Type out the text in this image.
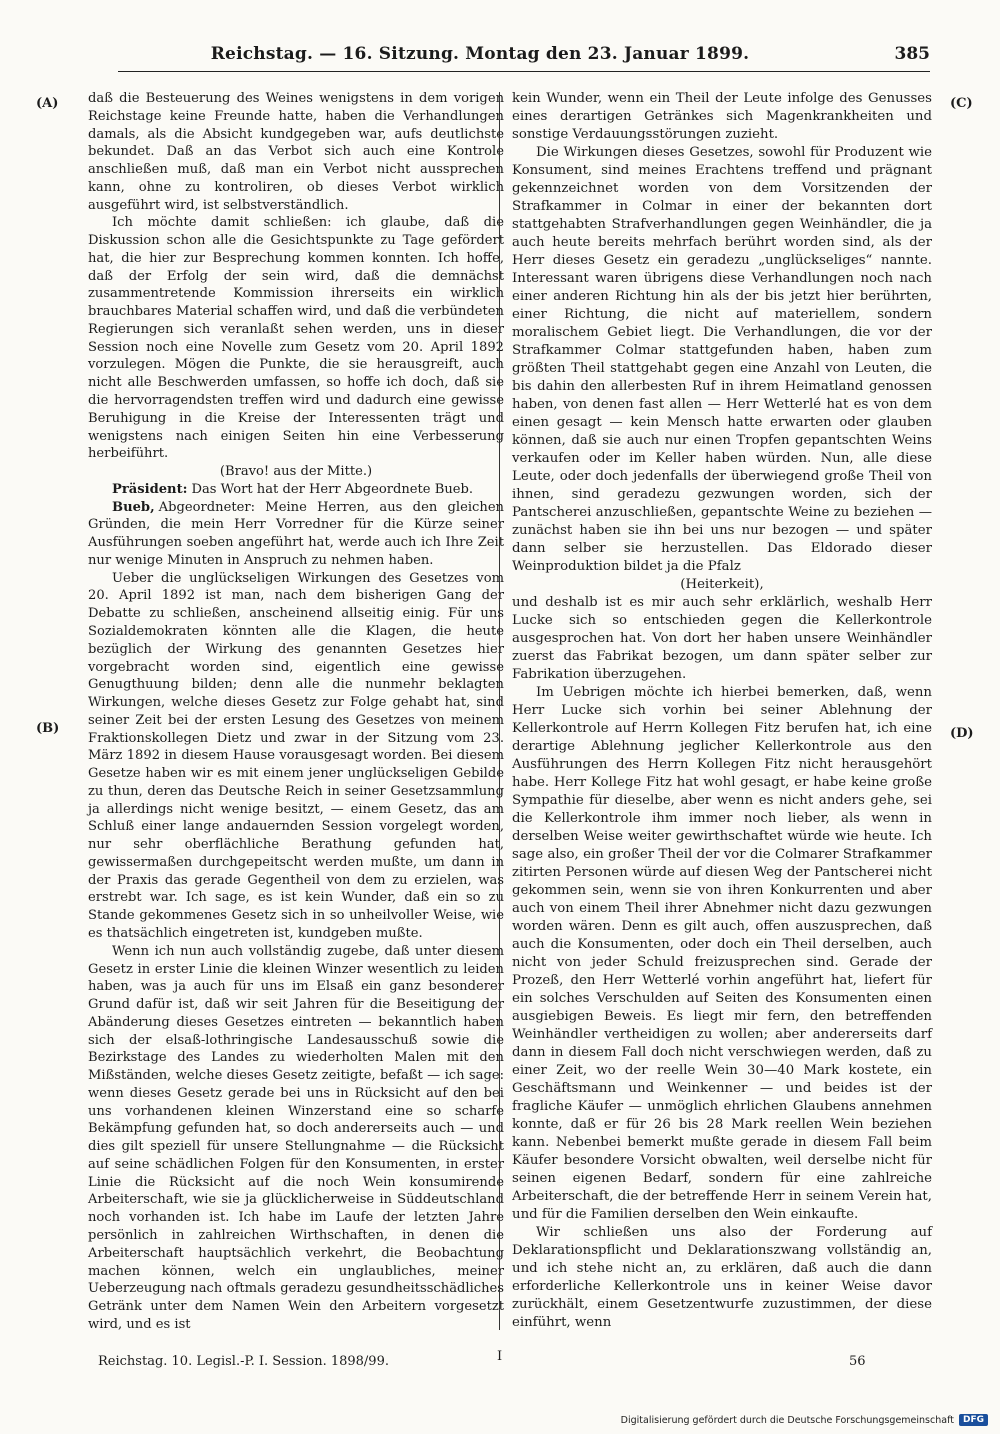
Reichstag. — 16. Sitzung. Montag den 23. Januar 1899.	385
(A)
(B)
(C)
(D)

daß die Besteuerung des Weines wenigstens in dem vorigen Reichstage keine Freunde hatte, haben die Verhandlungen damals, als die Absicht kundgegeben war, aufs deutlichste bekundet. Daß an das Verbot sich auch eine Kontrole anschließen muß, daß man ein Verbot nicht aussprechen kann, ohne zu kontroliren, ob dieses Verbot wirklich ausgeführt wird, ist selbstverständlich.

Ich möchte damit schließen: ich glaube, daß die Diskussion schon alle die Gesichtspunkte zu Tage gefördert hat, die hier zur Besprechung kommen konnten. Ich hoffe, daß der Erfolg der sein wird, daß die demnächst zusammentretende Kommission ihrerseits ein wirklich brauchbares Material schaffen wird, und daß die verbündeten Regierungen sich veranlaßt sehen werden, uns in dieser Session noch eine Novelle zum Gesetz vom 20. April 1892 vorzulegen. Mögen die Punkte, die sie herausgreift, auch nicht alle Beschwerden umfassen, so hoffe ich doch, daß sie die hervorragendsten treffen wird und dadurch eine gewisse Beruhigung in die Kreise der Interessenten trägt und wenigstens nach einigen Seiten hin eine Verbesserung herbeiführt.

(Bravo! aus der Mitte.)

Präsident: Das Wort hat der Herr Abgeordnete Bueb.

Bueb, Abgeordneter: Meine Herren, aus den gleichen Gründen, die mein Herr Vorredner für die Kürze seiner Ausführungen soeben angeführt hat, werde auch ich Ihre Zeit nur wenige Minuten in Anspruch zu nehmen haben.

Ueber die unglückseligen Wirkungen des Gesetzes vom 20. April 1892 ist man, nach dem bisherigen Gang der Debatte zu schließen, anscheinend allseitig einig. Für uns Sozialdemokraten könnten alle die Klagen, die heute bezüglich der Wirkung des genannten Gesetzes hier vorgebracht worden sind, eigentlich eine gewisse Genugthuung bilden; denn alle die nunmehr beklagten Wirkungen, welche dieses Gesetz zur Folge gehabt hat, sind seiner Zeit bei der ersten Lesung des Gesetzes von meinem Fraktionskollegen Dietz und zwar in der Sitzung vom 23. März 1892 in diesem Hause vorausgesagt worden. Bei diesem Gesetze haben wir es mit einem jener unglückseligen Gebilde zu thun, deren das Deutsche Reich in seiner Gesetzsammlung ja allerdings nicht wenige besitzt, — einem Gesetz, das am Schluß einer lange andauernden Session vorgelegt worden, nur sehr oberflächliche Berathung gefunden hat, gewissermaßen durchgepeitscht werden mußte, um dann in der Praxis das gerade Gegentheil von dem zu erzielen, was erstrebt war. Ich sage, es ist kein Wunder, daß ein so zu Stande gekommenes Gesetz sich in so unheilvoller Weise, wie es thatsächlich eingetreten ist, kundgeben mußte.

Wenn ich nun auch vollständig zugebe, daß unter diesem Gesetz in erster Linie die kleinen Winzer wesentlich zu leiden haben, was ja auch für uns im Elsaß ein ganz besonderer Grund dafür ist, daß wir seit Jahren für die Beseitigung der Abänderung dieses Gesetzes eintreten — bekanntlich haben sich der elsaß-lothringische Landesausschuß sowie die Bezirkstage des Landes zu wiederholten Malen mit den Mißständen, welche dieses Gesetz zeitigte, befaßt — ich sage: wenn dieses Gesetz gerade bei uns in Rücksicht auf den bei uns vorhandenen kleinen Winzerstand eine so scharfe Bekämpfung gefunden hat, so doch andererseits auch — und dies gilt speziell für unsere Stellungnahme — die Rücksicht auf seine schädlichen Folgen für den Konsumenten, in erster Linie die Rücksicht auf die noch Wein konsumirende Arbeiterschaft, wie sie ja glücklicherweise in Süddeutschland noch vorhanden ist. Ich habe im Laufe der letzten Jahre persönlich in zahlreichen Wirthschaften, in denen die Arbeiterschaft hauptsächlich verkehrt, die Beobachtung machen können, welch ein unglaubliches, meiner Ueberzeugung nach oftmals geradezu gesundheitsschädliches Getränk unter dem Namen Wein den Arbeitern vorgesetzt wird, und es ist

kein Wunder, wenn ein Theil der Leute infolge des Genusses eines derartigen Getränkes sich Magenkrankheiten und sonstige Verdauungsstörungen zuzieht.

Die Wirkungen dieses Gesetzes, sowohl für Produzent wie Konsument, sind meines Erachtens treffend und prägnant gekennzeichnet worden von dem Vorsitzenden der Strafkammer in Colmar in einer der bekannten dort stattgehabten Strafverhandlungen gegen Weinhändler, die ja auch heute bereits mehrfach berührt worden sind, als der Herr dieses Gesetz ein geradezu „unglückseliges“ nannte. Interessant waren übrigens diese Verhandlungen noch nach einer anderen Richtung hin als der bis jetzt hier berührten, einer Richtung, die nicht auf materiellem, sondern moralischem Gebiet liegt. Die Verhandlungen, die vor der Strafkammer Colmar stattgefunden haben, haben zum größten Theil stattgehabt gegen eine Anzahl von Leuten, die bis dahin den allerbesten Ruf in ihrem Heimatland genossen haben, von denen fast allen — Herr Wetterlé hat es von dem einen gesagt — kein Mensch hatte erwarten oder glauben können, daß sie auch nur einen Tropfen gepantschten Weins verkaufen oder im Keller haben würden. Nun, alle diese Leute, oder doch jedenfalls der überwiegend große Theil von ihnen, sind geradezu gezwungen worden, sich der Pantscherei anzuschließen, gepantschte Weine zu beziehen — zunächst haben sie ihn bei uns nur bezogen — und später dann selber sie herzustellen. Das Eldorado dieser Weinproduktion bildet ja die Pfalz

(Heiterkeit),

und deshalb ist es mir auch sehr erklärlich, weshalb Herr Lucke sich so entschieden gegen die Kellerkontrole ausgesprochen hat. Von dort her haben unsere Weinhändler zuerst das Fabrikat bezogen, um dann später selber zur Fabrikation überzugehen.

Im Uebrigen möchte ich hierbei bemerken, daß, wenn Herr Lucke sich vorhin bei seiner Ablehnung der Kellerkontrole auf Herrn Kollegen Fitz berufen hat, ich eine derartige Ablehnung jeglicher Kellerkontrole aus den Ausführungen des Herrn Kollegen Fitz nicht herausgehört habe. Herr Kollege Fitz hat wohl gesagt, er habe keine große Sympathie für dieselbe, aber wenn es nicht anders gehe, sei die Kellerkontrole ihm immer noch lieber, als wenn in derselben Weise weiter gewirthschaftet würde wie heute. Ich sage also, ein großer Theil der vor die Colmarer Strafkammer zitirten Personen würde auf diesen Weg der Pantscherei nicht gekommen sein, wenn sie von ihren Konkurrenten und aber auch von einem Theil ihrer Abnehmer nicht dazu gezwungen worden wären. Denn es gilt auch, offen auszusprechen, daß auch die Konsumenten, oder doch ein Theil derselben, auch nicht von jeder Schuld freizusprechen sind. Gerade der Prozeß, den Herr Wetterlé vorhin angeführt hat, liefert für ein solches Verschulden auf Seiten des Konsumenten einen ausgiebigen Beweis. Es liegt mir fern, den betreffenden Weinhändler vertheidigen zu wollen; aber andererseits darf dann in diesem Fall doch nicht verschwiegen werden, daß zu einer Zeit, wo der reelle Wein 30—40 Mark kostete, ein Geschäftsmann und Weinkenner — und beides ist der fragliche Käufer — unmöglich ehrlichen Glaubens annehmen konnte, daß er für 26 bis 28 Mark reellen Wein beziehen kann. Nebenbei bemerkt mußte gerade in diesem Fall beim Käufer besondere Vorsicht obwalten, weil derselbe nicht für seinen eigenen Bedarf, sondern für eine zahlreiche Arbeiterschaft, die der betreffende Herr in seinem Verein hat, und für die Familien derselben den Wein einkaufte.

Wir schließen uns also der Forderung auf Deklarationspflicht und Deklarationszwang vollständig an, und ich stehe nicht an, zu erklären, daß auch die dann erforderliche Kellerkontrole uns in keiner Weise davor zurückhält, einem Gesetzentwurfe zuzustimmen, der diese einführt, wenn

Reichstag. 10. Legisl.-P. I. Session. 1898/99.	I	56
Digitalisierung gefördert durch die Deutsche Forschungsgemeinschaft	DFG
